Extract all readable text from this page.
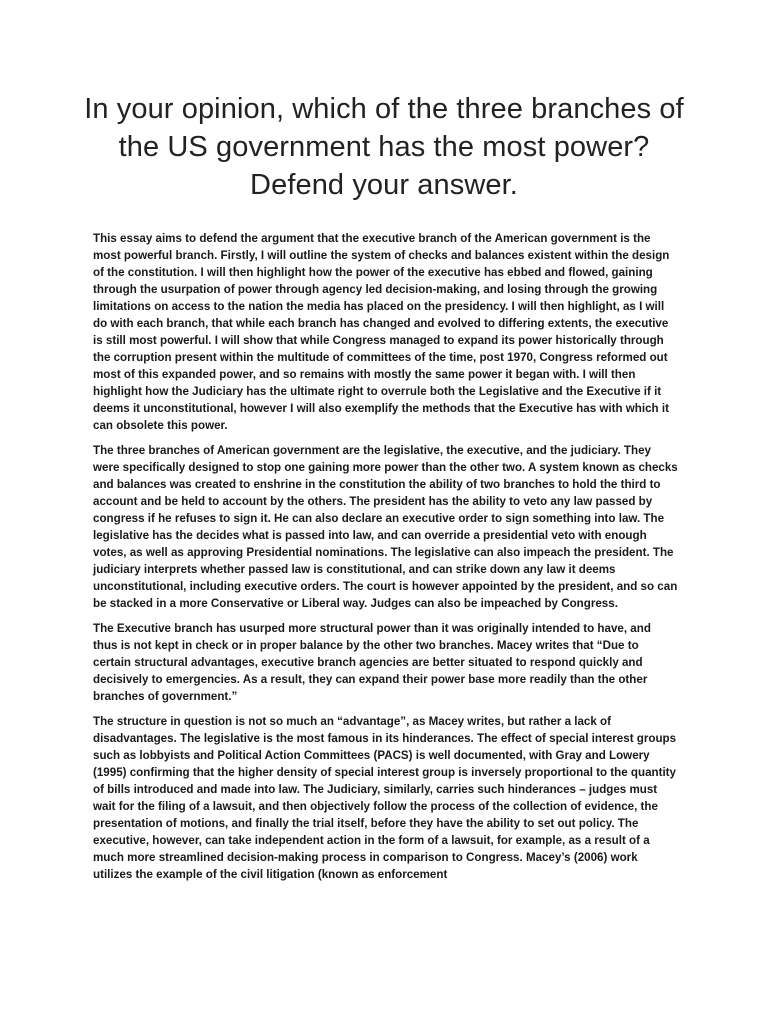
In your opinion, which of the three branches of the US government has the most power? Defend your answer.

This essay aims to defend the argument that the executive branch of the American government is the most powerful branch. Firstly, I will outline the system of checks and balances existent within the design of the constitution. I will then highlight how the power of the executive has ebbed and flowed, gaining through the usurpation of power through agency led decision-making, and losing through the growing limitations on access to the nation the media has placed on the presidency. I will then highlight, as I will do with each branch, that while each branch has changed and evolved to differing extents, the executive is still most powerful. I will show that while Congress managed to expand its power historically through the corruption present within the multitude of committees of the time, post 1970, Congress reformed out most of this expanded power, and so remains with mostly the same power it began with. I will then highlight how the Judiciary has the ultimate right to overrule both the Legislative and the Executive if it deems it unconstitutional, however I will also exemplify the methods that the Executive has with which it can obsolete this power.

The three branches of American government are the legislative, the executive, and the judiciary. They were specifically designed to stop one gaining more power than the other two. A system known as checks and balances was created to enshrine in the constitution the ability of two branches to hold the third to account and be held to account by the others. The president has the ability to veto any law passed by congress if he refuses to sign it. He can also declare an executive order to sign something into law. The legislative has the decides what is passed into law, and can override a presidential veto with enough votes, as well as approving Presidential nominations. The legislative can also impeach the president. The judiciary interprets whether passed law is constitutional, and can strike down any law it deems unconstitutional, including executive orders. The court is however appointed by the president, and so can be stacked in a more Conservative or Liberal way. Judges can also be impeached by Congress.

The Executive branch has usurped more structural power than it was originally intended to have, and thus is not kept in check or in proper balance by the other two branches. Macey writes that “Due to certain structural advantages, executive branch agencies are better situated to respond quickly and decisively to emergencies. As a result, they can expand their power base more readily than the other branches of government.”

The structure in question is not so much an “advantage”, as Macey writes, but rather a lack of disadvantages. The legislative is the most famous in its hinderances. The effect of special interest groups such as lobbyists and Political Action Committees (PACS) is well documented, with Gray and Lowery (1995) confirming that the higher density of special interest group is inversely proportional to the quantity of bills introduced and made into law. The Judiciary, similarly, carries such hinderances – judges must wait for the filing of a lawsuit, and then objectively follow the process of the collection of evidence, the presentation of motions, and finally the trial itself, before they have the ability to set out policy. The executive, however, can take independent action in the form of a lawsuit, for example, as a result of a much more streamlined decision-making process in comparison to Congress. Macey’s (2006) work utilizes the example of the civil litigation (known as enforcement
